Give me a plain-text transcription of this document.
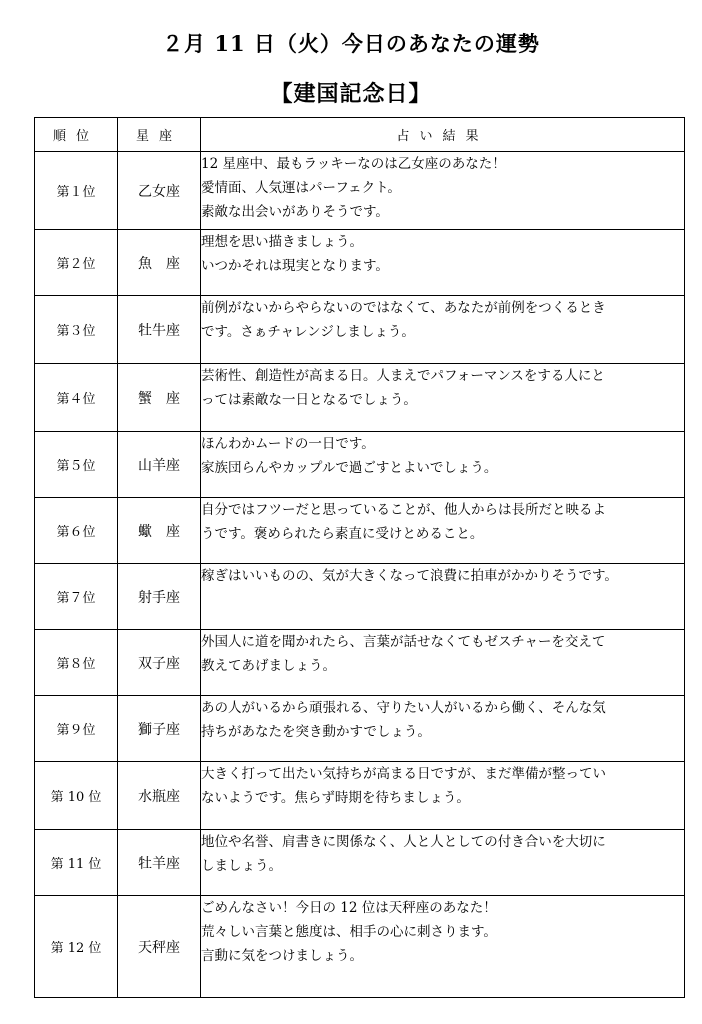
２月 11 日（火）今日のあなたの運勢
【建国記念日】
順位	星座	占い結果
第１位	乙女座	12 星座中、最もラッキーなのは乙女座のあなた！
愛情面、人気運はパーフェクト。
素敵な出会いがありそうです。

第２位	魚　座	理想を思い描きましょう。
いつかそれは現実となります。

第３位	牡牛座	前例がないからやらないのではなくて、あなたが前例をつくるとき
です。さぁチャレンジしましょう。

第４位	蟹　座	芸術性、創造性が高まる日。人まえでパフォーマンスをする人にと
っては素敵な一日となるでしょう。

第５位	山羊座	ほんわかムードの一日です。
家族団らんやカップルで過ごすとよいでしょう。

第６位	蠍　座	自分ではフツーだと思っていることが、他人からは長所だと映るよ
うです。褒められたら素直に受けとめること。

第７位	射手座	稼ぎはいいものの、気が大きくなって浪費に拍車がかかりそうです。

第８位	双子座	外国人に道を聞かれたら、言葉が話せなくてもゼスチャーを交えて
教えてあげましょう。

第９位	獅子座	あの人がいるから頑張れる、守りたい人がいるから働く、そんな気
持ちがあなたを突き動かすでしょう。

第 10 位	水瓶座	大きく打って出たい気持ちが高まる日ですが、まだ準備が整ってい
ないようです。焦らず時期を待ちましょう。

第 11 位	牡羊座	地位や名誉、肩書きに関係なく、人と人としての付き合いを大切に
しましょう。

第 12 位	天秤座	ごめんなさい！今日の 12 位は天秤座のあなた！
荒々しい言葉と態度は、相手の心に刺さります。
言動に気をつけましょう。
